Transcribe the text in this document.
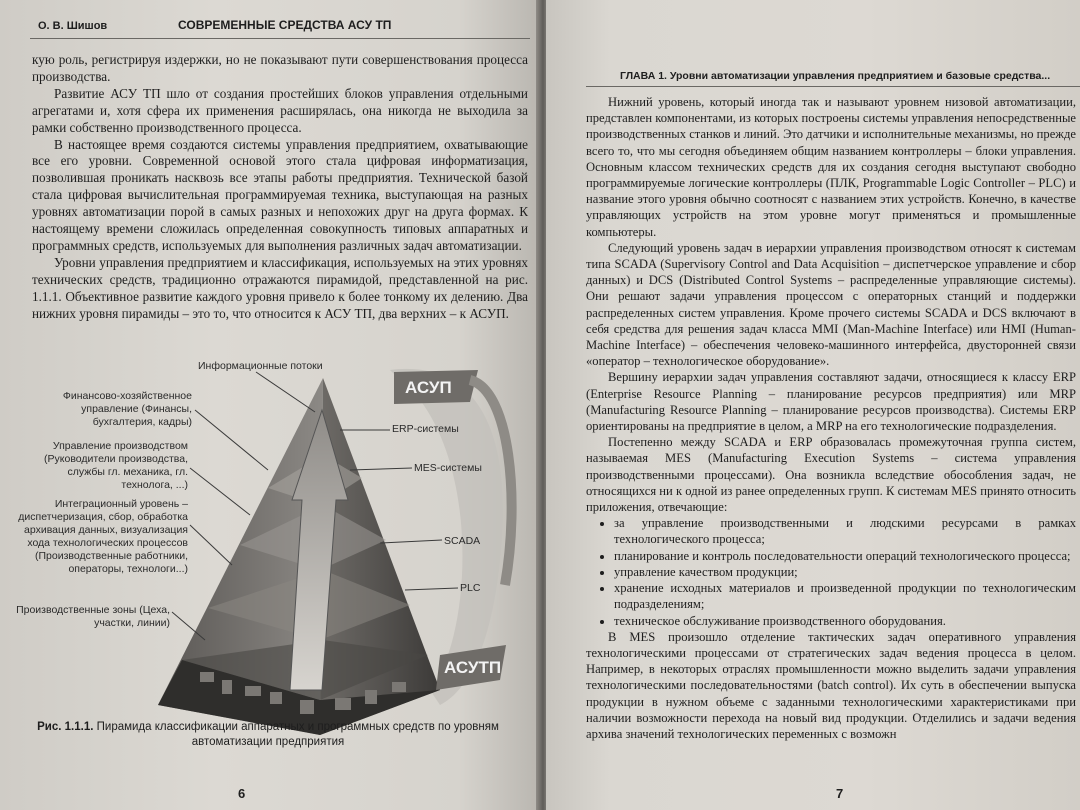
О. В. Шишов	СОВРЕМЕННЫЕ СРЕДСТВА АСУ ТП

кую роль, регистрируя издержки, но не показывают пути совершенствования процесса производства.

Развитие АСУ ТП шло от создания простейших блоков управления отдельными агрегатами и, хотя сфера их применения расширялась, она никогда не выходила за рамки собственно производственного процесса.

В настоящее время создаются системы управления предприятием, охватывающие все его уровни. Современной основой этого стала цифровая информатизация, позволившая проникать насквозь все этапы работы предприятия. Технической базой стала цифровая вычислительная программируемая техника, выступающая на разных уровнях автоматизации порой в самых разных и непохожих друг на друга формах. К настоящему времени сложилась определенная совокупность типовых аппаратных и программных средств, используемых для выполнения различных задач автоматизации.

Уровни управления предприятием и классификация, используемых на этих уровнях технических средств, традиционно отражаются пирамидой, представленной на рис. 1.1.1. Объективное развитие каждого уровня привело к более тонкому их делению. Два нижних уровня пирамиды – это то, что относится к АСУ ТП, два верхних – к АСУП.

Информационные потоки
Финансово-хозяйственное управление (Финансы, бухгалтерия, кадры)
Управление производством (Руководители производства, службы гл. механика, гл. технолога, ...)
Интеграционный уровень – диспетчеризация, сбор, обработка архивация данных, визуализация хода технологических процессов (Производственные работники, операторы, технологи...)
Производственные зоны (Цеха, участки, линии)
ERP-системы
MES-системы
SCADA
PLC
АСУП
АСУТП
Рис. 1.1.1. Пирамида классификации аппаратных и программных средств по уровням автоматизации предприятия
6
ГЛАВА 1. Уровни автоматизации управления предприятием и базовые средства...

Нижний уровень, который иногда так и называют уровнем низовой автоматизации, представлен компонентами, из которых построены системы управления непосредственные производственных станков и линий. Это датчики и исполнительные механизмы, но прежде всего то, что мы сегодня объединяем общим названием контроллеры – блоки управления. Основным классом технических средств для их создания сегодня выступают свободно программируемые логические контроллеры (ПЛК, Programmable Logic Controller – PLC) и название этого уровня обычно соотносят с названием этих устройств. Конечно, в качестве управляющих устройств на этом уровне могут применяться и промышленные компьютеры.

Следующий уровень задач в иерархии управления производством относят к системам типа SCADA (Supervisory Control and Data Acquisition – диспетчерское управление и сбор данных) и DCS (Distributed Control Systems – распределенные управляющие системы). Они решают задачи управления процессом с операторных станций и поддержки распределенных систем управления. Кроме прочего системы SCADA и DCS включают в себя средства для решения задач класса MMI (Man-Machine Interface) или HMI (Human-Machine Interface) – обеспечения человеко-машинного интерфейса, двусторонней связи «оператор – технологическое оборудование».

Вершину иерархии задач управления составляют задачи, относящиеся к классу ERP (Enterprise Resource Planning – планирование ресурсов предприятия) или MRP (Manufacturing Resource Planning – планирование ресурсов производства). Системы ERP ориентированы на предприятие в целом, а MRP на его технологические подразделения.

Постепенно между SCADA и ERP образовалась промежуточная группа систем, называемая MES (Manufacturing Execution Systems – система управления производственными процессами). Она возникла вследствие обособления задач, не относящихся ни к одной из ранее определенных групп. К системам MES принято относить приложения, отвечающие:

• за управление производственными и людскими ресурсами в рамках технологического процесса;
• планирование и контроль последовательности операций технологического процесса;
• управление качеством продукции;
• хранение исходных материалов и произведенной продукции по технологическим подразделениям;
• техническое обслуживание производственного оборудования.

В MES произошло отделение тактических задач оперативного управления технологическими процессами от стратегических задач ведения процесса в целом. Например, в некоторых отраслях промышленности можно выделить задачи управления технологическими последовательностями (batch control). Их суть в обеспечении выпуска продукции в нужном объеме с заданными технологическими характеристиками при наличии возможности перехода на новый вид продукции. Отделились и задачи ведения архива значений технологических переменных с возможн

7
